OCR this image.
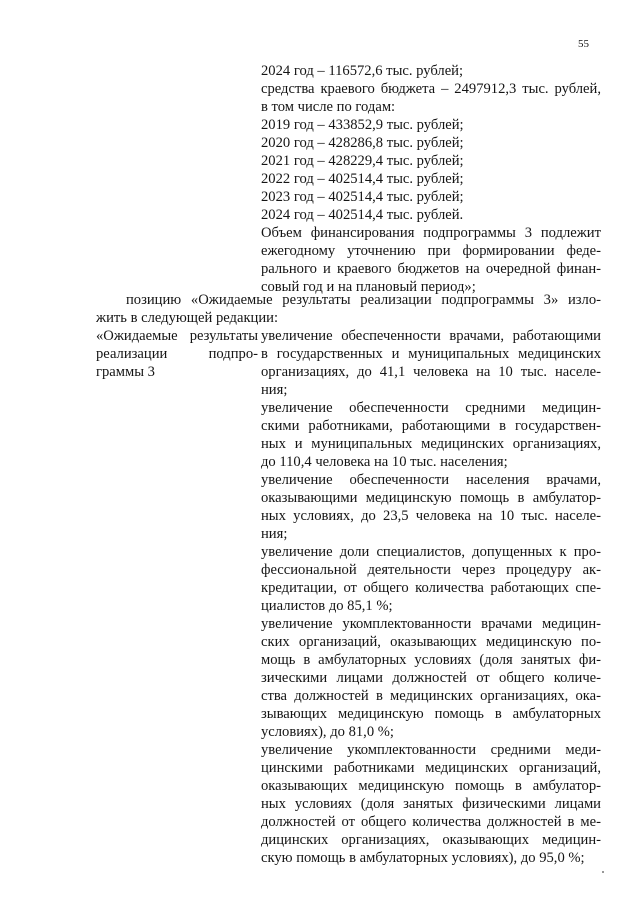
55
2024 год – 116572,6 тыс. рублей;
средства краевого бюджета – 2497912,3 тыс. рублей,
в том числе по годам:
2019 год – 433852,9 тыс. рублей;
2020 год – 428286,8 тыс. рублей;
2021 год – 428229,4 тыс. рублей;
2022 год – 402514,4 тыс. рублей;
2023 год – 402514,4 тыс. рублей;
2024 год – 402514,4 тыс. рублей.
Объем финансирования подпрограммы 3 подлежит
ежегодному уточнению при формировании феде-
рального и краевого бюджетов на очередной финан-
совый год и на плановый период»;
позицию «Ожидаемые результаты реализации подпрограммы 3» изло-
жить в следующей редакции:
«Ожидаемые результаты
реализации подпро-
граммы 3
увеличение обеспеченности врачами, работающими
в государственных и муниципальных медицинских
организациях, до 41,1 человека на 10 тыс. населе-
ния;
увеличение обеспеченности средними медицин-
скими работниками, работающими в государствен-
ных и муниципальных медицинских организациях,
до 110,4 человека на 10 тыс. населения;
увеличение обеспеченности населения врачами,
оказывающими медицинскую помощь в амбулатор-
ных условиях, до 23,5 человека на 10 тыс. населе-
ния;
увеличение доли специалистов, допущенных к про-
фессиональной деятельности через процедуру ак-
кредитации, от общего количества работающих спе-
циалистов до 85,1 %;
увеличение укомплектованности врачами медицин-
ских организаций, оказывающих медицинскую по-
мощь в амбулаторных условиях (доля занятых фи-
зическими лицами должностей от общего количе-
ства должностей в медицинских организациях, ока-
зывающих медицинскую помощь в амбулаторных
условиях), до 81,0 %;
увеличение укомплектованности средними меди-
цинскими работниками медицинских организаций,
оказывающих медицинскую помощь в амбулатор-
ных условиях (доля занятых физическими лицами
должностей от общего количества должностей в ме-
дицинских организациях, оказывающих медицин-
скую помощь в амбулаторных условиях), до 95,0 %;
